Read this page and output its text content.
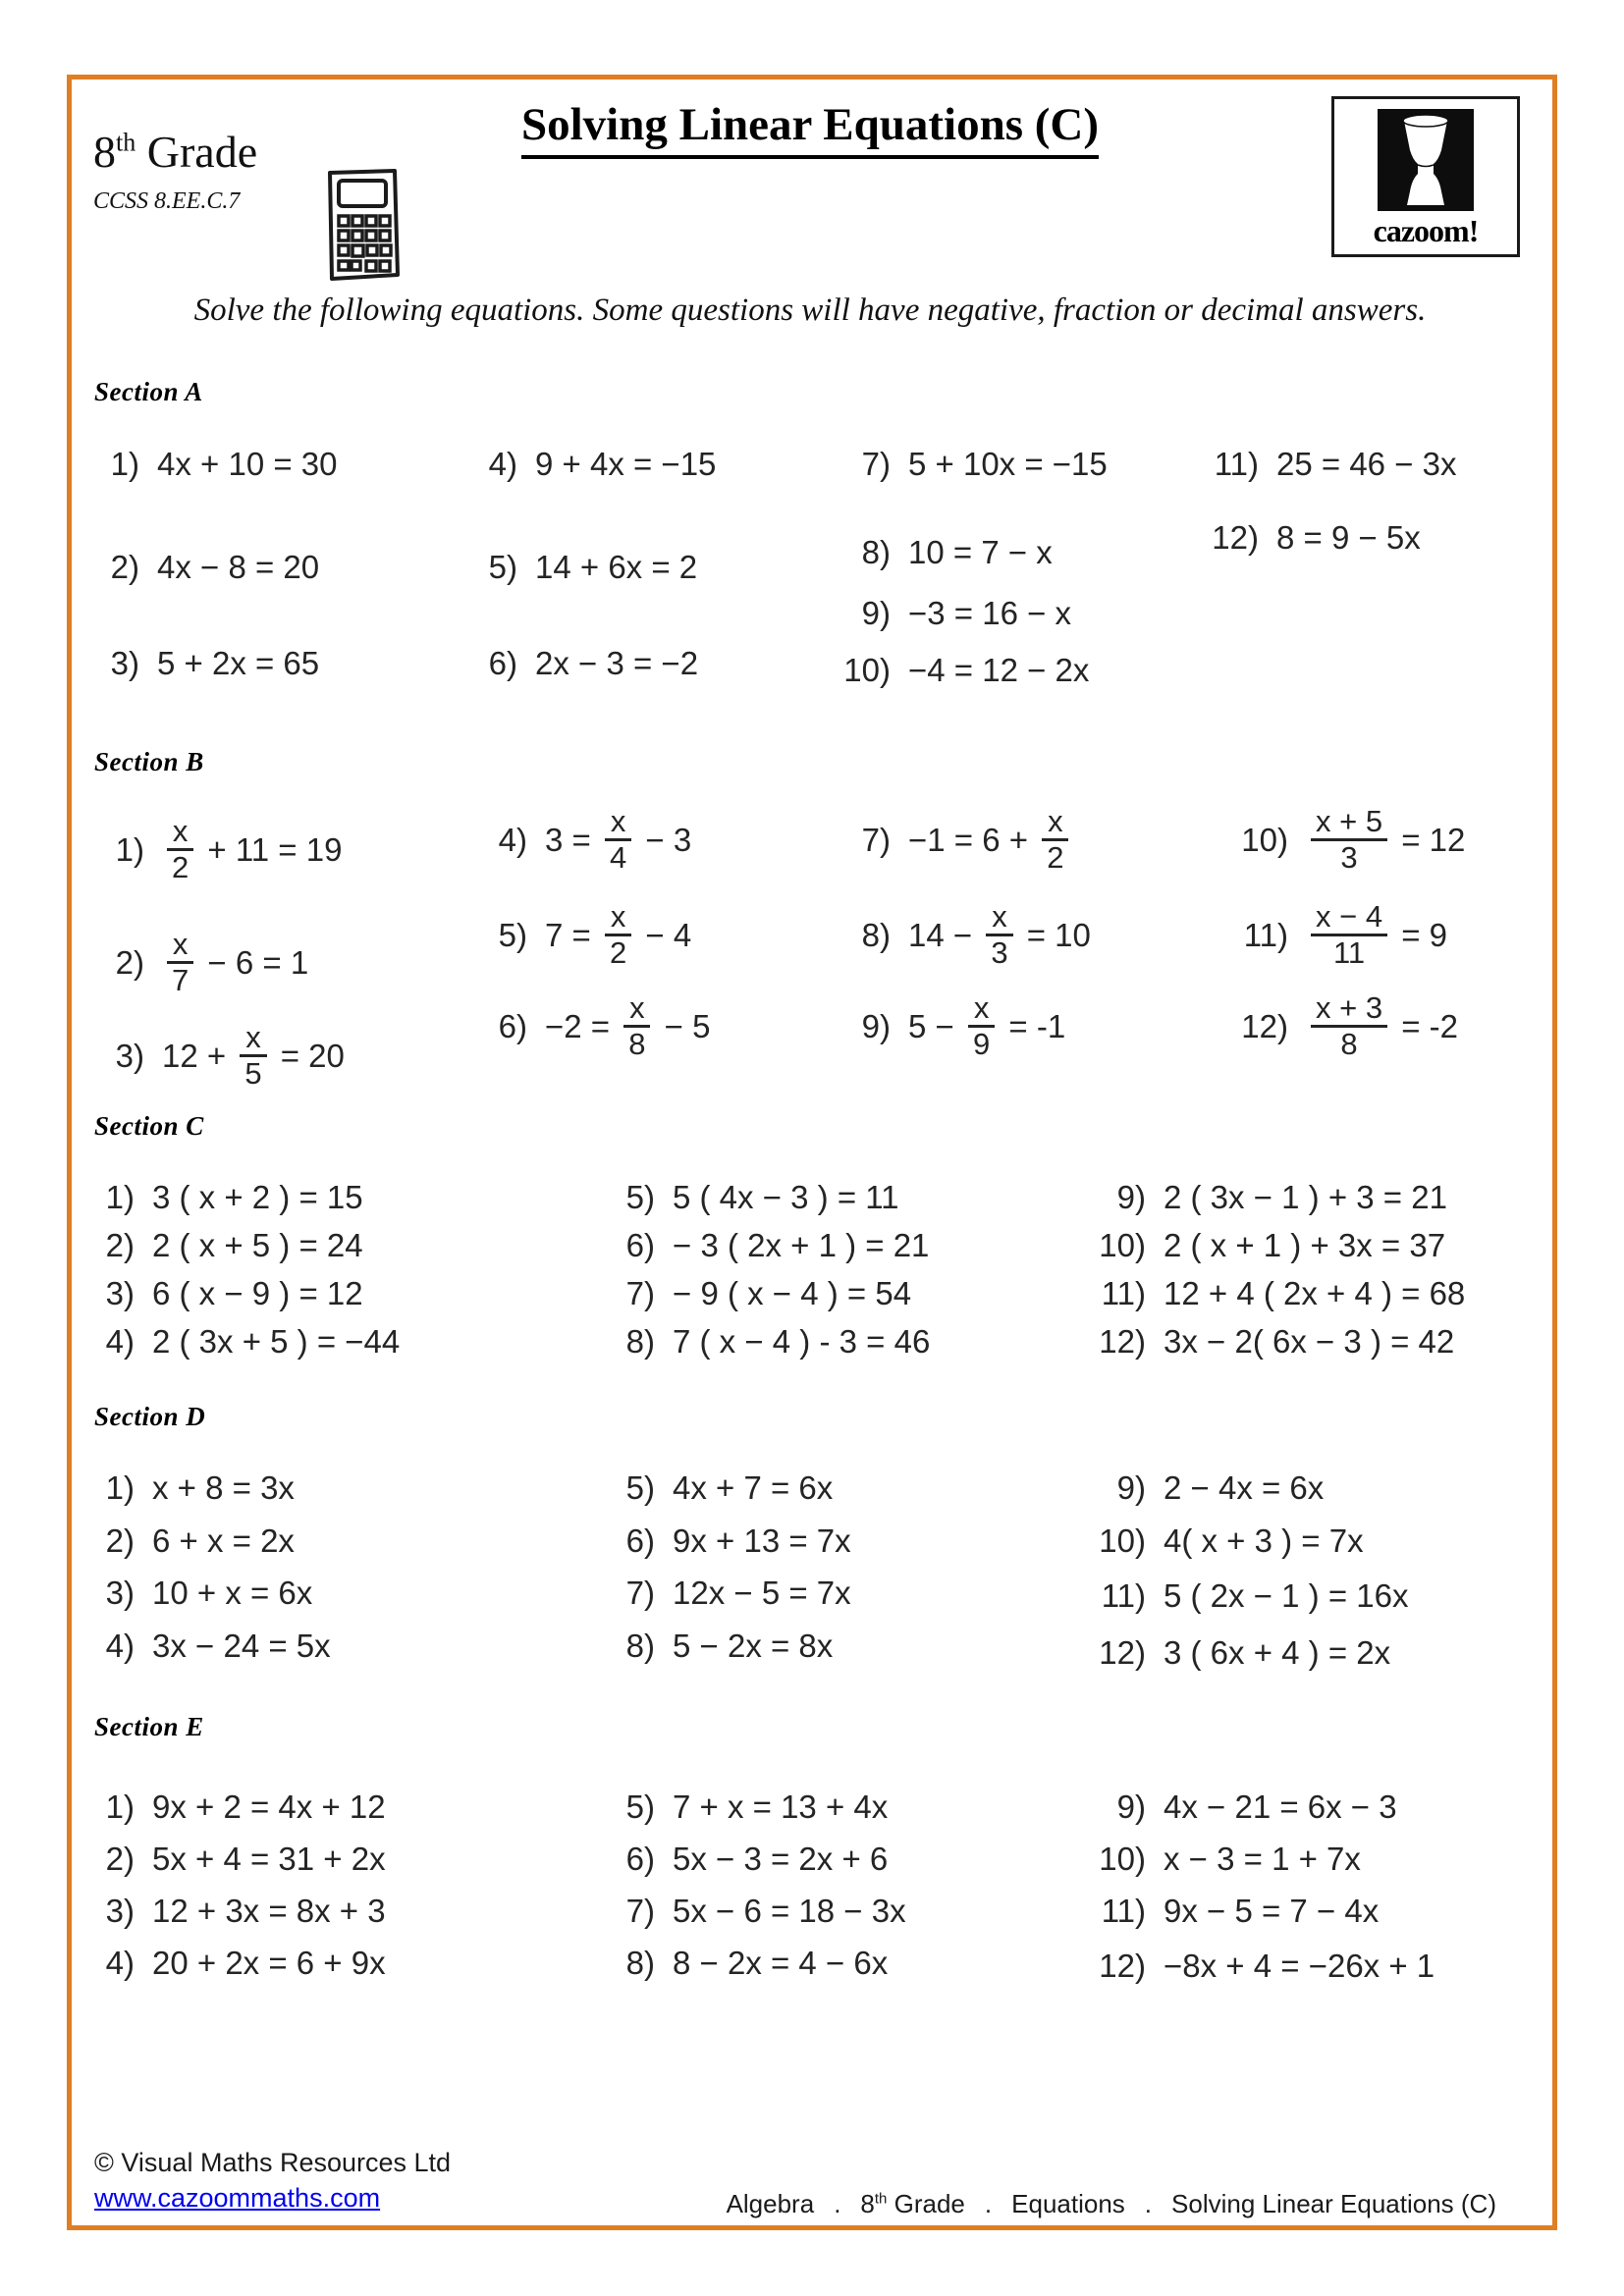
8th Grade
CCSS 8.EE.C.7
Solving Linear Equations (C)
cazoom!
Solve the following equations. Some questions will have negative, fraction or decimal answers.
Section A
1) 4x + 10 = 30
2) 4x − 8 = 20
3) 5 + 2x = 65
4) 9 + 4x = −15
5) 14 + 6x = 2
6) 2x − 3 = −2
7) 5 + 10x = −15
8) 10 = 7 − x
9) −3 = 16 − x
10) −4 = 12 − 2x
11) 25 = 46 − 3x
12) 8 = 9 − 5x
Section B
$1) \frac{x}{2} + 11 = 19$
$2) \frac{x}{7} - 6 = 1$
3) $12 + \frac{x}{5} = 20$
4) $3 = \frac{x}{4} - 3$
5) $7 = \frac{x}{2} - 4$
$6) -2 = \frac{x}{8} - 5$
$7) -1 = 6 + \frac{x}{2}$
8) $14 - \frac{x}{3} = 10$
9) $5 - \frac{x}{9} = -1$
$10) \frac{x + 5}{3} = 12$
$11) \frac{x - 4}{11} = 9$
$12) \frac{x + 3}{8} = -2$
Section C
1) 3 ( x + 2 ) = 15
2) 2 ( x + 5 ) = 24
3) 6 ( x − 9 ) = 12
4) 2 ( 3x + 5 ) = −44
5) 5 ( 4x − 3 ) = 11
6) − 3 ( 2x + 1 ) = 21
7) − 9 ( x − 4 ) = 54
8) 7 ( x − 4 ) - 3 = 46
9) 2 ( 3x − 1 ) + 3 = 21
10) 2 ( x + 1 ) + 3x = 37
11) 12 + 4 ( 2x + 4 ) = 68
12) 3x − 2( 6x − 3 ) = 42
Section D
1) x + 8 = 3x
2) 6 + x = 2x
3) 10 + x = 6x
4) 3x − 24 = 5x
5) 4x + 7 = 6x
6) 9x + 13 = 7x
7) 12x − 5 = 7x
8) 5 − 2x = 8x
9) 2 − 4x = 6x
10) 4( x + 3 ) = 7x
11) 5 ( 2x − 1 ) = 16x
12) 3 ( 6x + 4 ) = 2x
Section E
1) 9x + 2 = 4x + 12
2) 5x + 4 = 31 + 2x
3) 12 + 3x = 8x + 3
4) 20 + 2x = 6 + 9x
5) 7 + x = 13 + 4x
6) 5x − 3 = 2x + 6
7) 5x − 6 = 18 − 3x
8) 8 − 2x = 4 − 6x
9) 4x − 21 = 6x − 3
10) x − 3 = 1 + 7x
11) 9x − 5 = 7 − 4x
12) −8x + 4 = −26x + 1
© Visual Maths Resources Ltd
www.cazoommaths.com	Algebra . 8th Grade . Equations . Solving Linear Equations (C)
